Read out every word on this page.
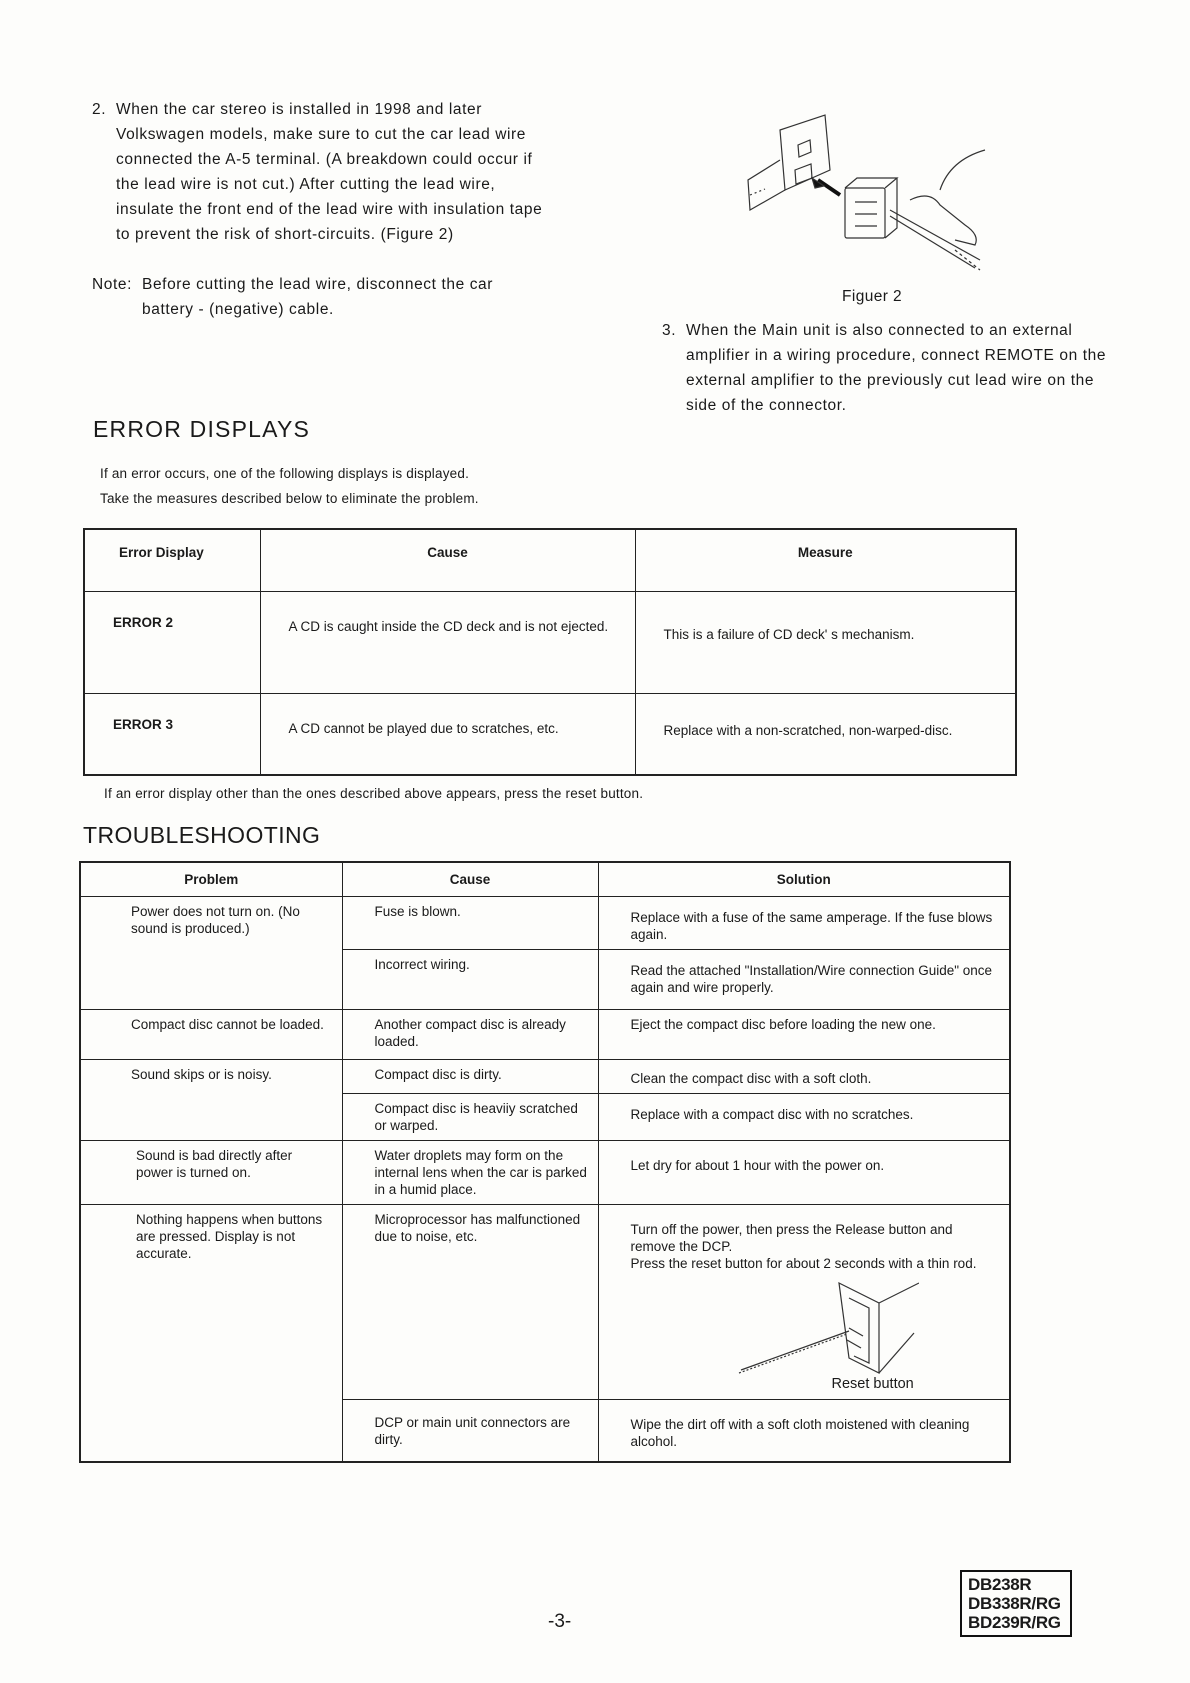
2. When the car stereo is installed in 1998 and later Volkswagen models, make sure to cut the car lead wire connected the A-5 terminal. (A breakdown could occur if the lead wire is not cut.) After cutting the lead wire, insulate the front end of the lead wire with insulation tape to prevent the risk of short-circuits. (Figure 2)
Note: Before cutting the lead wire, disconnect the car battery - (negative) cable.
Figuer 2
3. When the Main unit is also connected to an external amplifier in a wiring procedure, connect REMOTE on the external amplifier to the previously cut lead wire on the side of the connector.
ERROR DISPLAYS
If an error occurs, one of the following displays is displayed.
Take the measures described below to eliminate the problem.
Error Display	Cause	Measure
ERROR 2	A CD is caught inside the CD deck and is not ejected.	This is a failure of CD deck' s mechanism.
ERROR 3	A CD cannot be played due to scratches, etc.	Replace with a non-scratched, non-warped-disc.
If an error display other than the ones described above appears, press the reset button.
TROUBLESHOOTING
Problem	Cause	Solution
Power does not turn on. (No sound is produced.)	Fuse is blown.	Replace with a fuse of the same amperage. If the fuse blows again.
	Incorrect wiring.	Read the attached "Installation/Wire connection Guide" once again and wire properly.
Compact disc cannot be loaded.	Another compact disc is already loaded.	Eject the compact disc before loading the new one.
Sound skips or is noisy.	Compact disc is dirty.	Clean the compact disc with a soft cloth.
	Compact disc is heaviiy scratched or warped.	Replace with a compact disc with no scratches.
Sound is bad directly after power is turned on.	Water droplets may form on the internal lens when the car is parked in a humid place.	Let dry for about 1 hour with the power on.
Nothing happens when buttons are pressed. Display is not accurate.	Microprocessor has malfunctioned due to noise, etc.	Turn off the power, then press the Release button and remove the DCP.
Press the reset button for about 2 seconds with a thin rod.
Reset button

	DCP or main unit connectors are dirty.	Wipe the dirt off with a soft cloth moistened with cleaning alcohol.
-3-
DB238R
DB338R/RG
BD239R/RG
